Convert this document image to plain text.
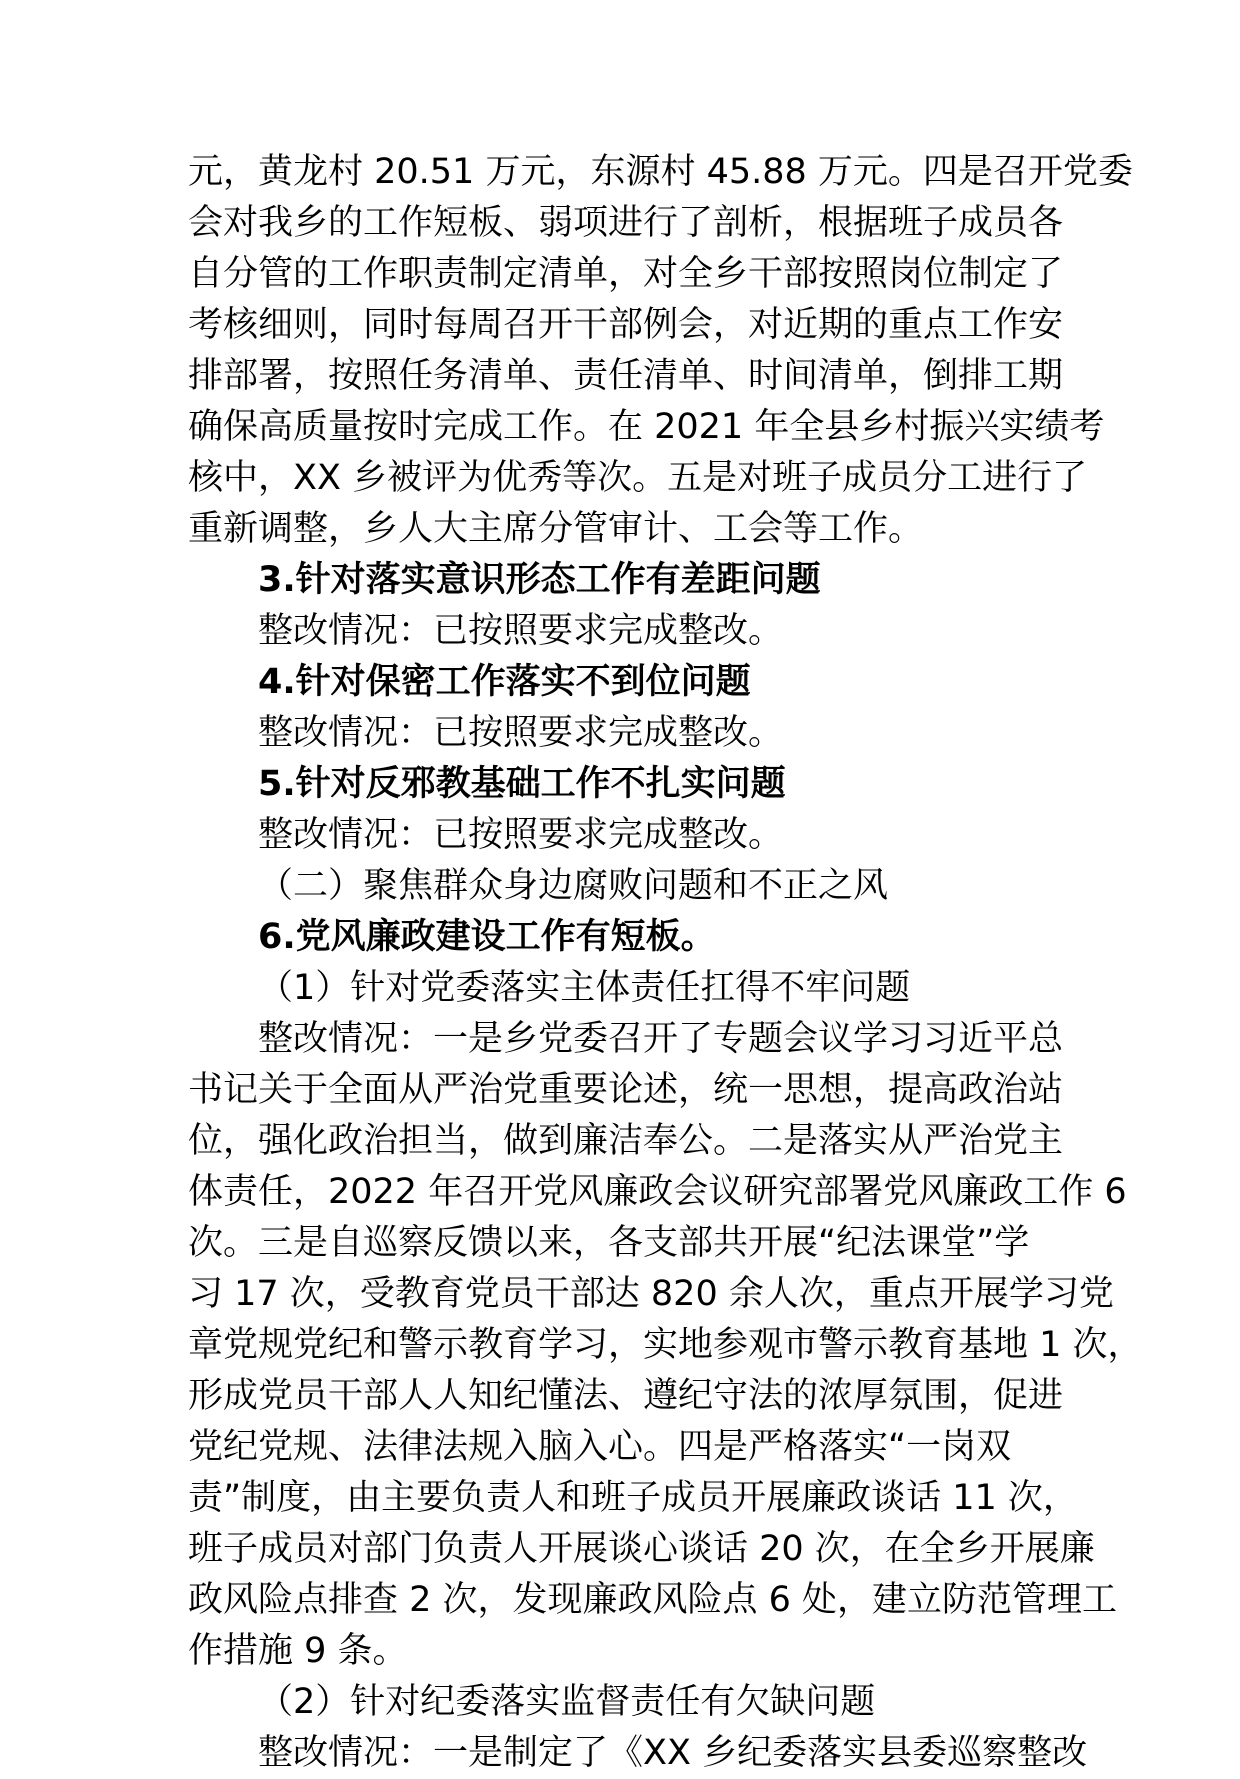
元，黄龙村 20.51 万元，东源村 45.88 万元。四是召开党委
会对我乡的工作短板、弱项进行了剖析，根据班子成员各
自分管的工作职责制定清单，对全乡干部按照岗位制定了
考核细则，同时每周召开干部例会，对近期的重点工作安
排部署，按照任务清单、责任清单、时间清单，倒排工期
确保高质量按时完成工作。在 2021 年全县乡村振兴实绩考
核中，XX 乡被评为优秀等次。五是对班子成员分工进行了
重新调整，乡人大主席分管审计、工会等工作。
3.针对落实意识形态工作有差距问题
整改情况：已按照要求完成整改。
4.针对保密工作落实不到位问题
整改情况：已按照要求完成整改。
5.针对反邪教基础工作不扎实问题
整改情况：已按照要求完成整改。
（二）聚焦群众身边腐败问题和不正之风
6.党风廉政建设工作有短板。
（1）针对党委落实主体责任扛得不牢问题
整改情况：一是乡党委召开了专题会议学习习近平总
书记关于全面从严治党重要论述，统一思想，提高政治站
位，强化政治担当，做到廉洁奉公。二是落实从严治党主
体责任，2022 年召开党风廉政会议研究部署党风廉政工作 6
次。三是自巡察反馈以来，各支部共开展“纪法课堂”学
习 17 次，受教育党员干部达 820 余人次，重点开展学习党
章党规党纪和警示教育学习，实地参观市警示教育基地 1 次，
形成党员干部人人知纪懂法、遵纪守法的浓厚氛围，促进
党纪党规、法律法规入脑入心。四是严格落实“一岗双
责”制度，由主要负责人和班子成员开展廉政谈话 11 次，
班子成员对部门负责人开展谈心谈话 20 次，在全乡开展廉
政风险点排查 2 次，发现廉政风险点 6 处，建立防范管理工
作措施 9 条。
（2）针对纪委落实监督责任有欠缺问题
整改情况：一是制定了《XX 乡纪委落实县委巡察整改
